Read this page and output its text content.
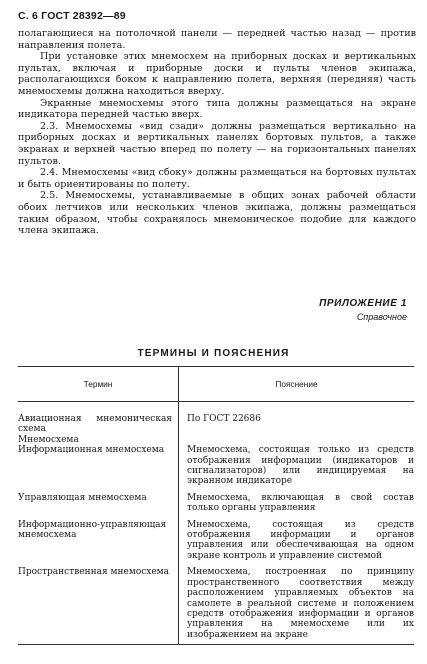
С. 6 ГОСТ 28392—89

полагающиеся на потолочной панели — передней частью назад — против направления полета.

При установке этих мнемосхем на приборных досках и вертикальных пультах, включая и приборные доски и пульты членов экипажа, располагающихся боком к направлению полета, верхняя (передняя) часть мнемосхемы должна находиться вверху.

Экранные мнемосхемы этого типа должны размещаться на экране индикатора передней частью вверх.

2.3. Мнемосхемы «вид сзади» должны размещаться вертикально на приборных досках и вертикальных панелях бортовых пультов, а также экранах и верхней частью вперед по полету — на горизонтальных панелях пультов.

2.4. Мнемосхемы «вид сбоку» должны размещаться на бортовых пультах и быть ориентированы по полету.

2.5. Мнемосхемы, устанавливаемые в общих зонах рабочей области обоих летчиков или нескольких членов экипажа, должны размещаться таким образом, чтобы сохранялось мнемоническое подобие для каждого члена экипажа.

ПРИЛОЖЕНИЕ 1
Справочное
ТЕРМИНЫ И ПОЯСНЕНИЯ
Термин	Пояснение
Авиационная мнемоническая схема	По ГОСТ 22686
Мнемосхема	
Информационная мнемосхема	Мнемосхема, состоящая только из средств отображения информации (индикаторов и сигнализаторов) или индицируемая на экранном индикаторе
Управляющая мнемосхема	Мнемосхема, включающая в свой состав только органы управления
Информационно-управляющая мнемосхема	Мнемосхема, состоящая из средств отображения информации и органов управления или обеспечивающая на одном экране контроль и управление системой
Пространственная мнемосхема	Мнемосхема, построенная по принципу пространственного соответствия между расположением управляемых объектов на самолете в реальной системе и положением средств отображения информации и органов управления на мнемосхеме или их изображением на экране
